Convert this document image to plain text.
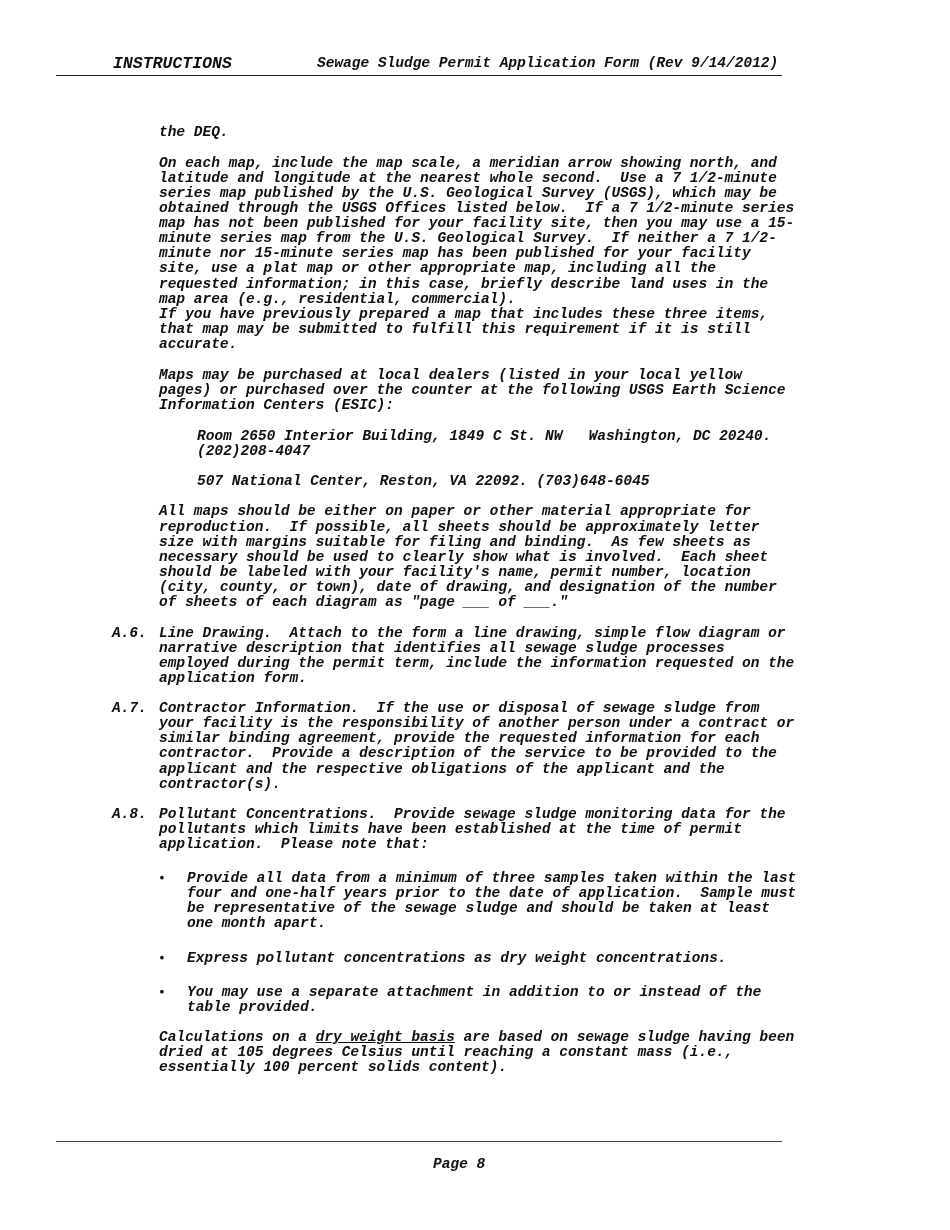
INSTRUCTIONS	Sewage Sludge Permit Application Form (Rev 9/14/2012)
the DEQ.
On each map, include the map scale, a meridian arrow showing north, and
latitude and longitude at the nearest whole second.  Use a 7 1/2-minute
series map published by the U.S. Geological Survey (USGS), which may be
obtained through the USGS Offices listed below.  If a 7 1/2-minute series
map has not been published for your facility site, then you may use a 15-
minute series map from the U.S. Geological Survey.  If neither a 7 1/2-
minute nor 15-minute series map has been published for your facility
site, use a plat map or other appropriate map, including all the
requested information; in this case, briefly describe land uses in the
map area (e.g., residential, commercial).
If you have previously prepared a map that includes these three items,
that map may be submitted to fulfill this requirement if it is still
accurate.
Maps may be purchased at local dealers (listed in your local yellow
pages) or purchased over the counter at the following USGS Earth Science
Information Centers (ESIC):
Room 2650 Interior Building, 1849 C St. NW   Washington, DC 20240.
(202)208-4047
507 National Center, Reston, VA 22092. (703)648-6045
All maps should be either on paper or other material appropriate for
reproduction.  If possible, all sheets should be approximately letter
size with margins suitable for filing and binding.  As few sheets as
necessary should be used to clearly show what is involved.  Each sheet
should be labeled with your facility's name, permit number, location
(city, county, or town), date of drawing, and designation of the number
of sheets of each diagram as "page ___ of ___."
A.6. Line Drawing.  Attach to the form a line drawing, simple flow diagram or
narrative description that identifies all sewage sludge processes
employed during the permit term, include the information requested on the
application form.
A.7. Contractor Information.  If the use or disposal of sewage sludge from
your facility is the responsibility of another person under a contract or
similar binding agreement, provide the requested information for each
contractor.  Provide a description of the service to be provided to the
applicant and the respective obligations of the applicant and the
contractor(s).
A.8. Pollutant Concentrations.  Provide sewage sludge monitoring data for the
pollutants which limits have been established at the time of permit
application.  Please note that:
• Provide all data from a minimum of three samples taken within the last
four and one-half years prior to the date of application.  Sample must
be representative of the sewage sludge and should be taken at least
one month apart.
• Express pollutant concentrations as dry weight concentrations.
• You may use a separate attachment in addition to or instead of the
table provided.
Calculations on a dry weight basis are based on sewage sludge having been
dried at 105 degrees Celsius until reaching a constant mass (i.e.,
essentially 100 percent solids content).
Page 8
